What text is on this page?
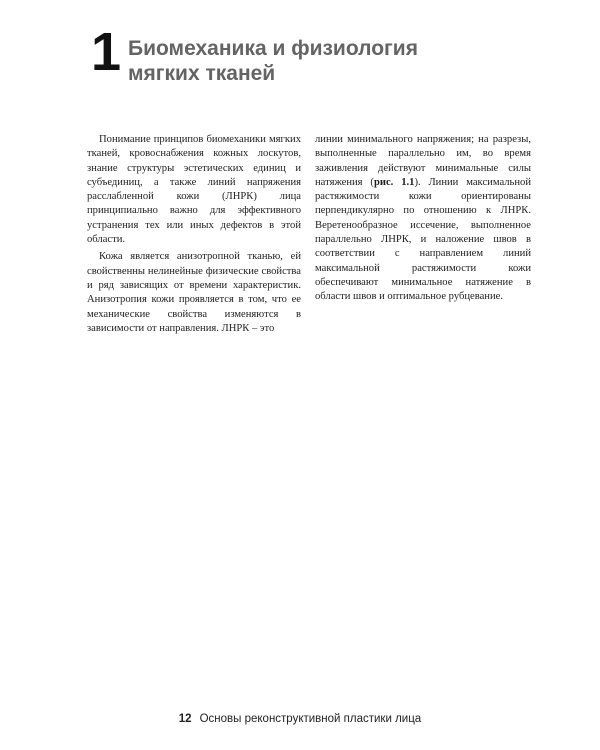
1 Биомеханика и физиология
мягких тканей

Понимание принципов биомеханики мягких тканей, кровоснабжения кожных лоскутов, знание структуры эстетических единиц и субъединиц, а также линий напряжения расслабленной кожи (ЛНРК) лица принципиально важно для эффективного устранения тех или иных дефектов в этой области.

Кожа является анизотропной тканью, ей свойственны нелинейные физические свойства и ряд зависящих от времени характеристик. Анизотропия кожи проявляется в том, что ее механические свойства изменяются в зависимости от направления. ЛНРК – это

линии минимального напряжения; на разрезы, выполненные параллельно им, во время заживления действуют минимальные силы натяжения (рис. 1.1). Линии максимальной растяжимости кожи ориентированы перпендикулярно по отношению к ЛНРК. Веретенообразное иссечение, выполненное параллельно ЛНРК, и наложение швов в соответствии с направлением линий максимальной растяжимости кожи обеспечивают минимальное натяжение в области швов и оптимальное рубцевание.

12 Основы реконструктивной пластики лица
